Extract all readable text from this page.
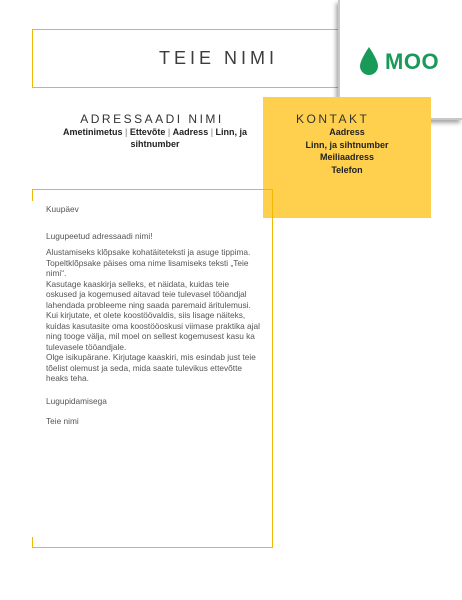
TEIE NIMI	MOO
ADRESSAADI NIMI
Ametinimetus | Ettevõte | Aadress | Linn, ja sihtnumber
KONTAKT
Aadress
Linn, ja sihtnumber
Meiliaadress
Telefon

Kuupäev

Lugupeetud adressaadi nimi!

Alustamiseks klõpsake kohatäiteteksti ja asuge tippima. Topeltklõpsake päises oma nime lisamiseks teksti „Teie nimi“.

Kasutage kaaskirja selleks, et näidata, kuidas teie oskused ja kogemused aitavad teie tulevasel tööandjal lahendada probleeme ning saada paremaid äritulemusi. Kui kirjutate, et olete koostöövaldis, siis lisage näiteks, kuidas kasutasite oma koostööoskusi viimase praktika ajal ning tooge välja, mil moel on sellest kogemusest kasu ka tulevasele tööandjale.

Olge isikupärane. Kirjutage kaaskiri, mis esindab just teie tõelist olemust ja seda, mida saate tulevikus ettevõtte heaks teha.

Lugupidamisega

Teie nimi
